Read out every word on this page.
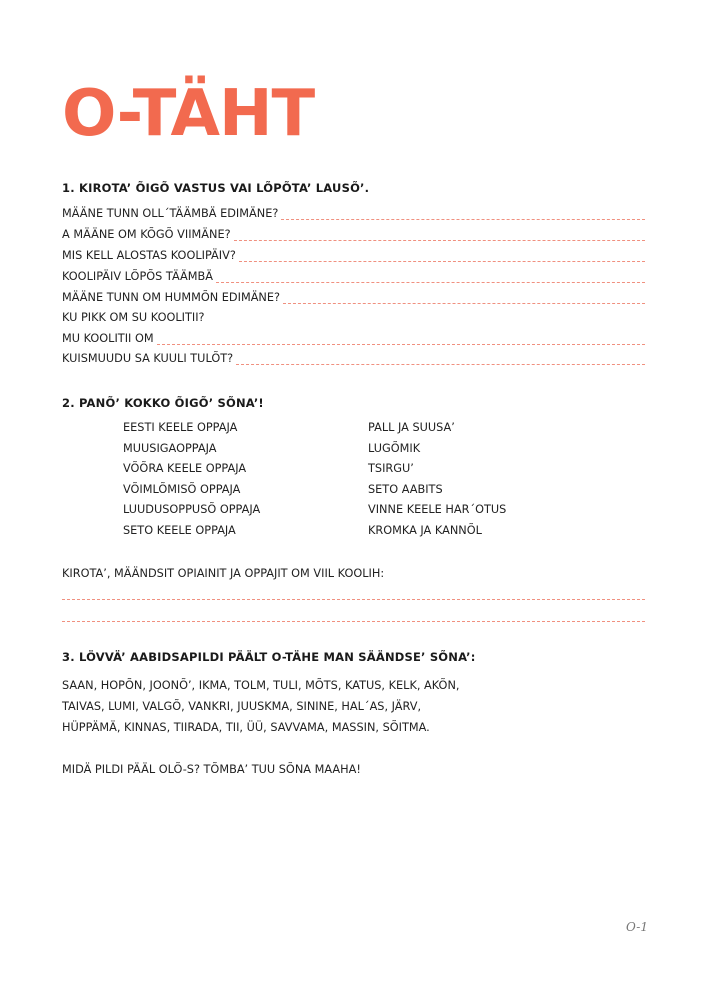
O-TÄHT
1. KIROTA’ ÕIGÕ VASTUS VAI LÕPÕTA’ LAUSÕ’.
MÄÄNE TUNN OLL´TÄÄMBÄ EDIMÄNE?
A MÄÄNE OM KÕGÕ VIIMÄNE?
MIS KELL ALOSTAS KOOLIPÄIV?
KOOLIPÄIV LÕPÕS TÄÄMBÄ
MÄÄNE TUNN OM HUMMÕN EDIMÄNE?
KU PIKK OM SU KOOLITII?
MU KOOLITII OM
KUISMUUDU SA KUULI TULÕT?
2. PANÕ’ KOKKO ÕIGÕ’ SÕNA’!
EESTI KEELE OPPAJA
MUUSIGAOPPAJA
VÕÕRA KEELE OPPAJA
VÕIMLÕMISÕ OPPAJA
LUUDUSOPPUSÕ OPPAJA
SETO KEELE OPPAJA
PALL JA SUUSA’
LUGÕMIK
TSIRGU’
SETO AABITS
VINNE KEELE HAR´OTUS
KROMKA JA KANNÕL
KIROTA’, MÄÄNDSIT OPIAINIT JA OPPAJIT OM VIIL KOOLIH:
3. LÖVVÄ’ AABIDSAPILDI PÄÄLT O-TÄHE MAN SÄÄNDSE’ SÕNA’:

SAAN, HOPÕN, JOONÕ’, IKMA, TOLM, TULI, MÕTS, KATUS, KELK, AKÕN,
TAIVAS, LUMI, VALGÕ, VANKRI, JUUSKMA, SININE, HAL´AS, JÄRV,
HÜPPÄMÄ, KINNAS, TIIRADA, TII, ÜÜ, SAVVAMA, MASSIN, SÕITMA.

MIDÄ PILDI PÄÄL OLÕ-S? TÕMBA’ TUU SÕNA MAAHA!
O-1
